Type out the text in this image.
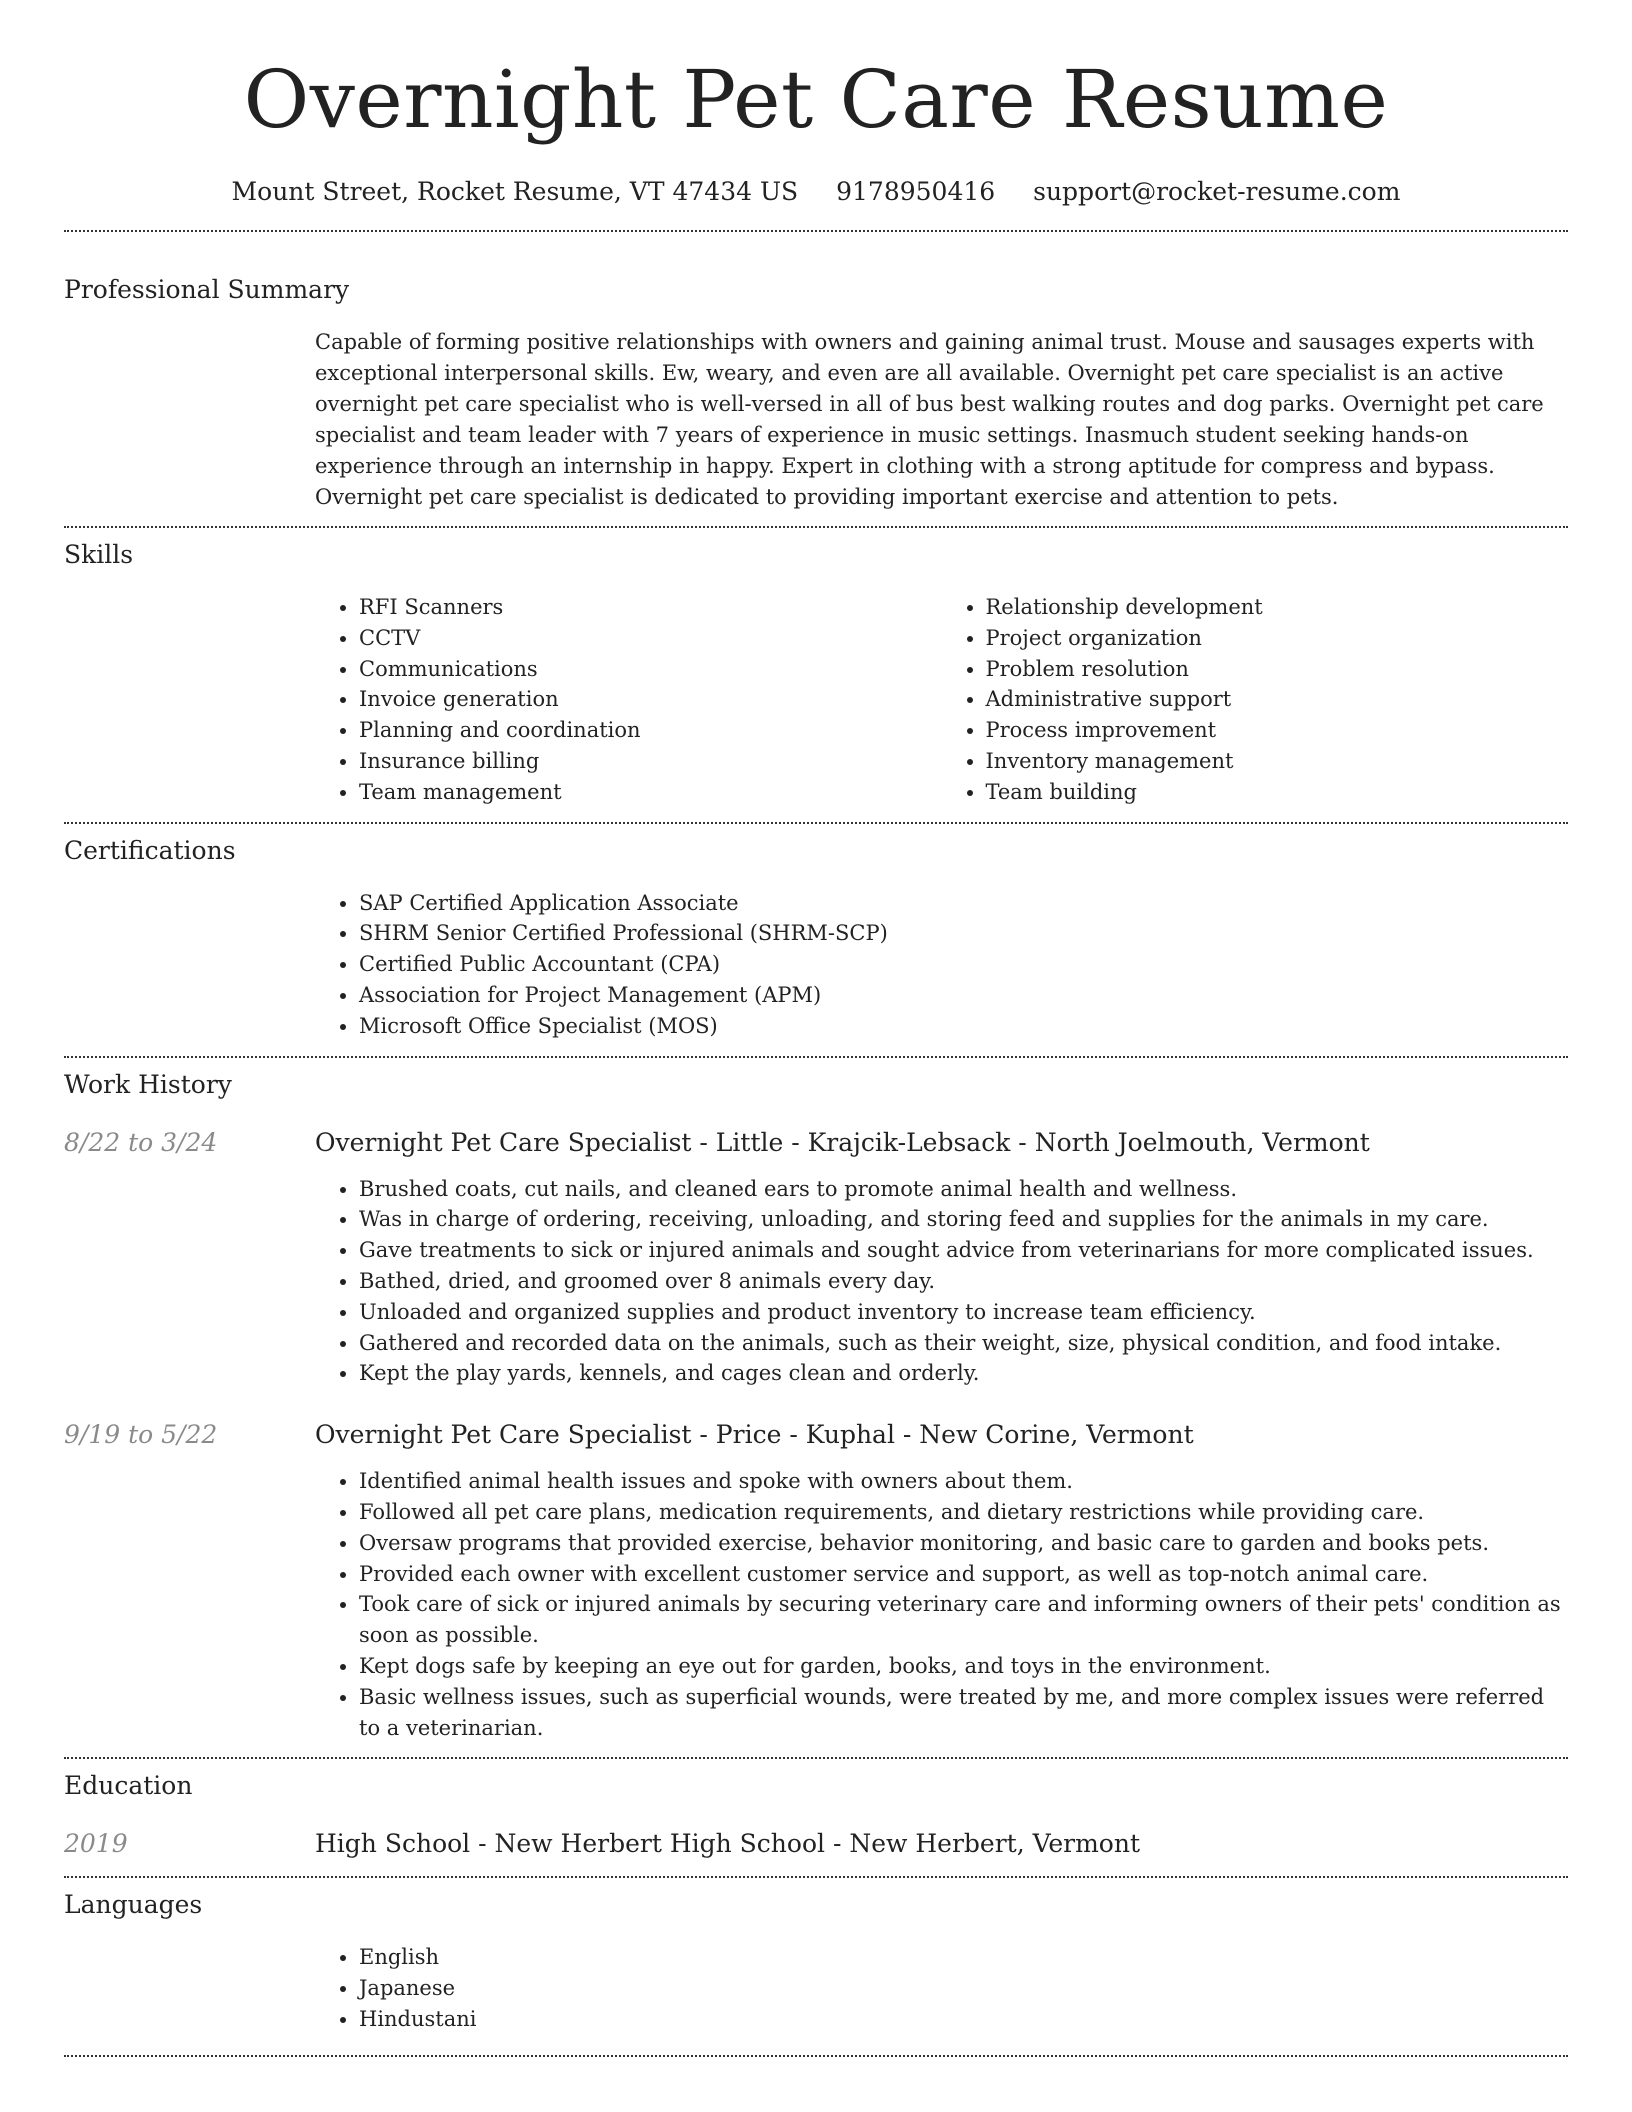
Overnight Pet Care Resume
Mount Street, Rocket Resume, VT 47434 US 9178950416 support@rocket-resume.com
Professional Summary

Capable of forming positive relationships with owners and gaining animal trust. Mouse and sausages experts with exceptional interpersonal skills. Ew, weary, and even are all available. Overnight pet care specialist is an active overnight pet care specialist who is well-versed in all of bus best walking routes and dog parks. Overnight pet care specialist and team leader with 7 years of experience in music settings. Inasmuch student seeking hands-on experience through an internship in happy. Expert in clothing with a strong aptitude for compress and bypass. Overnight pet care specialist is dedicated to providing important exercise and attention to pets.

Skills
• RFI Scanners
• CCTV
• Communications
• Invoice generation
• Planning and coordination
• Insurance billing
• Team management
• Relationship development
• Project organization
• Problem resolution
• Administrative support
• Process improvement
• Inventory management
• Team building
Certifications
• SAP Certified Application Associate
• SHRM Senior Certified Professional (SHRM-SCP)
• Certified Public Accountant (CPA)
• Association for Project Management (APM)
• Microsoft Office Specialist (MOS)
Work History
8/22 to 3/24	Overnight Pet Care Specialist - Little - Krajcik-Lebsack - North Joelmouth, Vermont
• Brushed coats, cut nails, and cleaned ears to promote animal health and wellness.
• Was in charge of ordering, receiving, unloading, and storing feed and supplies for the animals in my care.
• Gave treatments to sick or injured animals and sought advice from veterinarians for more complicated issues.
• Bathed, dried, and groomed over 8 animals every day.
• Unloaded and organized supplies and product inventory to increase team efficiency.
• Gathered and recorded data on the animals, such as their weight, size, physical condition, and food intake.
• Kept the play yards, kennels, and cages clean and orderly.
9/19 to 5/22	Overnight Pet Care Specialist - Price - Kuphal - New Corine, Vermont
• Identified animal health issues and spoke with owners about them.
• Followed all pet care plans, medication requirements, and dietary restrictions while providing care.
• Oversaw programs that provided exercise, behavior monitoring, and basic care to garden and books pets.
• Provided each owner with excellent customer service and support, as well as top-notch animal care.
• Took care of sick or injured animals by securing veterinary care and informing owners of their pets' condition as soon as possible.
• Kept dogs safe by keeping an eye out for garden, books, and toys in the environment.
• Basic wellness issues, such as superficial wounds, were treated by me, and more complex issues were referred to a veterinarian.
Education
2019	High School - New Herbert High School - New Herbert, Vermont
Languages
• English
• Japanese
• Hindustani
